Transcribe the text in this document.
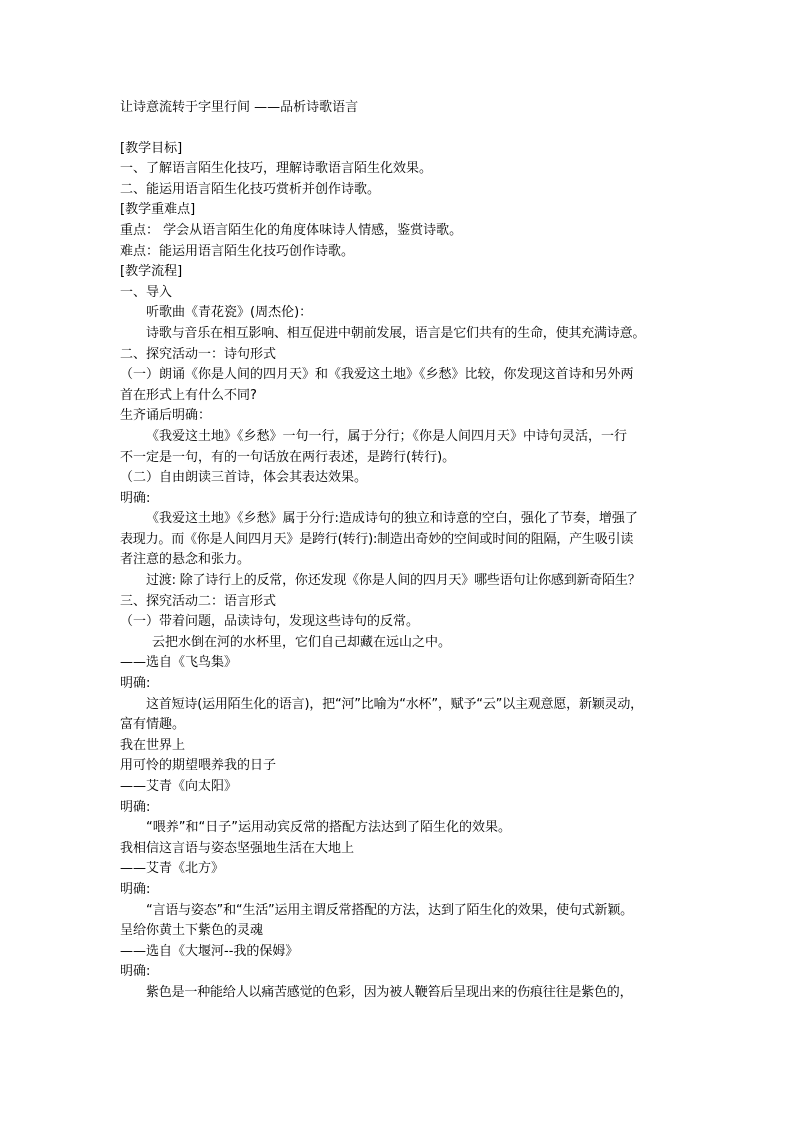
让诗意流转于字里行间 ——品析诗歌语言
[教学目标]
一、了解语言陌生化技巧，理解诗歌语言陌生化效果。
二、能运用语言陌生化技巧赏析并创作诗歌。
[教学重难点]
重点： 学会从语言陌生化的角度体味诗人情感，鉴赏诗歌。
难点：能运用语言陌生化技巧创作诗歌。
[教学流程]
一、导入
听歌曲《青花瓷》(周杰伦)：
诗歌与音乐在相互影响、相互促进中朝前发展，语言是它们共有的生命，使其充满诗意。
二、探究活动一：诗句形式
（一）朗诵《你是人间的四月天》和《我爱这土地》《乡愁》比较，你发现这首诗和另外两
首在形式上有什么不同?
生齐诵后明确：
《我爱这土地》《乡愁》一句一行，属于分行；《你是人间四月天》中诗句灵活，一行
不一定是一句，有的一句话放在两行表述，是跨行(转行)。
（二）自由朗读三首诗，体会其表达效果。
明确:
《我爱这土地》《乡愁》属于分行:造成诗句的独立和诗意的空白，强化了节奏，增强了
表现力。而《你是人间四月天》是跨行(转行):制造出奇妙的空间或时间的阻隔，产生吸引读
者注意的悬念和张力。
过渡: 除了诗行上的反常，你还发现《你是人间的四月天》哪些语句让你感到新奇陌生？
三、探究活动二：语言形式
（一）带着问题，品读诗句，发现这些诗句的反常。
云把水倒在河的水杯里，它们自己却藏在远山之中。
——选自《飞鸟集》
明确:
这首短诗(运用陌生化的语言)，把“河”比喻为“水杯”，赋予“云”以主观意愿，新颖灵动，
富有情趣。
我在世界上
用可怜的期望喂养我的日子
——艾青《向太阳》
明确:
“喂养”和“日子”运用动宾反常的搭配方法达到了陌生化的效果。
我相信这言语与姿态坚强地生活在大地上
——艾青《北方》
明确:
“言语与姿态”和“生活”运用主谓反常搭配的方法，达到了陌生化的效果，使句式新颖。
呈给你黄土下紫色的灵魂
——选自《大堰河--我的保姆》
明确:
紫色是一种能给人以痛苦感觉的色彩，因为被人鞭笞后呈现出来的伤痕往往是紫色的，
